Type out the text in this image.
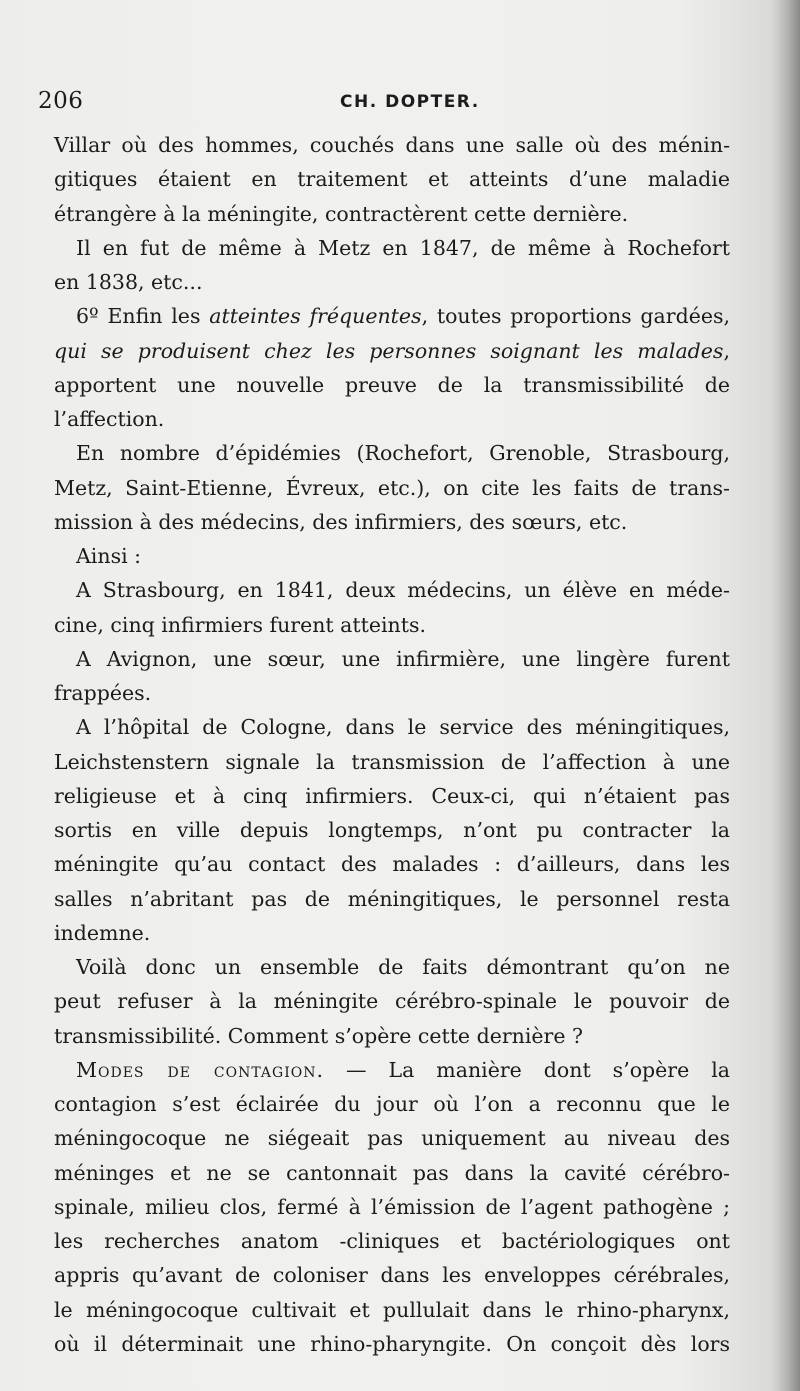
206	CH. DOPTER.
Villar où des hommes, couchés dans une salle où des ménin-
gitiques étaient en traitement et atteints d’une maladie
étrangère à la méningite, contractèrent cette dernière.
Il en fut de même à Metz en 1847, de même à Rochefort
en 1838, etc...
6º Enfin les atteintes fréquentes, toutes proportions gardées,
qui se produisent chez les personnes soignant les malades,
apportent une nouvelle preuve de la transmissibilité de
l’affection.
En nombre d’épidémies (Rochefort, Grenoble, Strasbourg,
Metz, Saint-Etienne, Évreux, etc.), on cite les faits de trans-
mission à des médecins, des infirmiers, des sœurs, etc.
Ainsi :
A Strasbourg, en 1841, deux médecins, un élève en méde-
cine, cinq infirmiers furent atteints.
A Avignon, une sœur, une infirmière, une lingère furent
frappées.
A l’hôpital de Cologne, dans le service des méningitiques,
Leichstenstern signale la transmission de l’affection à une
religieuse et à cinq infirmiers. Ceux-ci, qui n’étaient pas
sortis en ville depuis longtemps, n’ont pu contracter la
méningite qu’au contact des malades : d’ailleurs, dans les
salles n’abritant pas de méningitiques, le personnel resta
indemne.
Voilà donc un ensemble de faits démontrant qu’on ne
peut refuser à la méningite cérébro-spinale le pouvoir de
transmissibilité. Comment s’opère cette dernière ?
Modes de contagion. — La manière dont s’opère la
contagion s’est éclairée du jour où l’on a reconnu que le
méningocoque ne siégeait pas uniquement au niveau des
méninges et ne se cantonnait pas dans la cavité cérébro-
spinale, milieu clos, fermé à l’émission de l’agent pathogène ;
les recherches anatom -cliniques et bactériologiques ont
appris qu’avant de coloniser dans les enveloppes cérébrales,
le méningocoque cultivait et pullulait dans le rhino-pharynx,
où il déterminait une rhino-pharyngite. On conçoit dès lors
